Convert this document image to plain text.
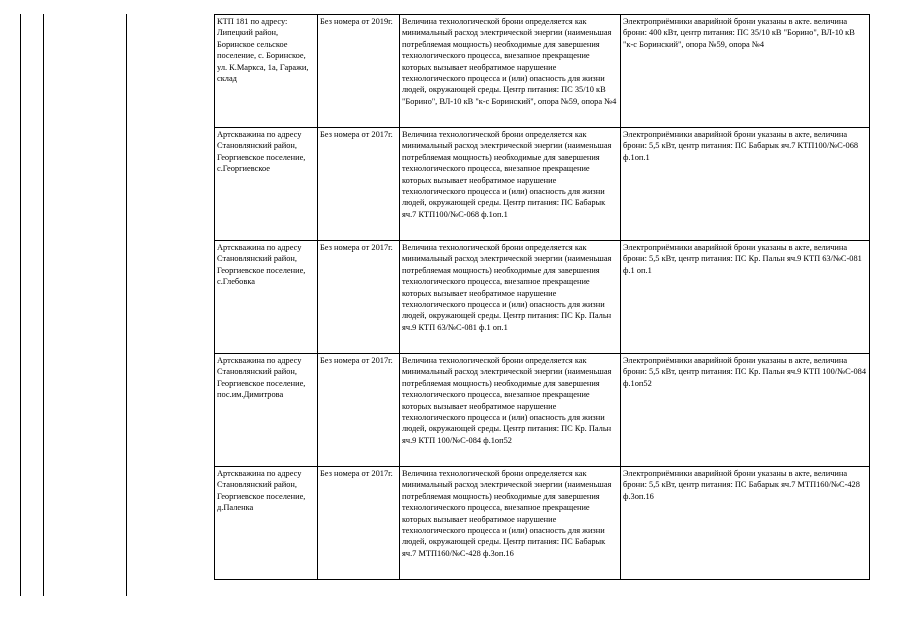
КТП 181 по адресу: Липецкий район, Боринское сельское поселение, с. Боринское, ул. К.Маркса, 1а, Гаражи, склад	Без номера от 2019г.	Величина технологической брони определяется как минимальный расход электрической энергии (наименьшая потребляемая мощность) необходимые для завершения технологического процесса, внезапное прекращение которых вызывает необратимое нарушение технологического процесса и (или) опасность для жизни людей, окружающей среды. Центр питания: ПС 35/10 кВ "Борино", ВЛ-10 кВ "к-с Боринский", опора №59, опора №4	Электроприёмники аварийной брони указаны в акте. величина брони: 400 кВт, центр питания: ПС 35/10 кВ "Борино", ВЛ-10 кВ "к-с Боринский", опора №59, опора №4
Артскважина по адресу Становлянский район, Георгиевское поселение, с.Георгиевское	Без номера от 2017г.	Величина технологической брони определяется как минимальный расход электрической энергии (наименьшая потребляемая мощность) необходимые для завершения технологического процесса, внезапное прекращение которых вызывает необратимое нарушение технологического процесса и (или) опасность для жизни людей, окружающей среды. Центр питания: ПС Бабарык яч.7 КТП100/№С-068 ф.1оп.1	Электроприёмники аварийной брони указаны в акте, величина брони: 5,5 кВт, центр питания: ПС Бабарык яч.7 КТП100/№С-068 ф.1оп.1
Артскважина по адресу Становлянский район, Георгиевское поселение, с.Глебовка	Без номера от 2017г.	Величина технологической брони определяется как минимальный расход электрической энергии (наименьшая потребляемая мощность) необходимые для завершения технологического процесса, внезапное прекращение которых вызывает необратимое нарушение технологического процесса и (или) опасность для жизни людей, окружающей среды. Центр питания: ПС Кр. Пальн яч.9 КТП 63/№С-081 ф.1 оп.1	Электроприёмники аварийной брони указаны в акте, величина брони: 5,5 кВт, центр питания: ПС Кр. Пальн яч.9 КТП 63/№С-081 ф.1 оп.1
Артскважина по адресу Становлянский район, Георгиевское поселение, пос.им.Димитрова	Без номера от 2017г.	Величина технологической брони определяется как минимальный расход электрической энергии (наименьшая потребляемая мощность) необходимые для завершения технологического процесса, внезапное прекращение которых вызывает необратимое нарушение технологического процесса и (или) опасность для жизни людей, окружающей среды. Центр питания: ПС Кр. Пальн яч.9 КТП 100/№С-084 ф.1оп52	Электроприёмники аварийной брони указаны в акте, величина брони: 5,5 кВт, центр питания: ПС Кр. Пальн яч.9 КТП 100/№С-084 ф.1оп52
Артскважина по адресу Становлянский район, Георгиевское поселение, д.Паленка	Без номера от 2017г.	Величина технологической брони определяется как минимальный расход электрической энергии (наименьшая потребляемая мощность) необходимые для завершения технологического процесса, внезапное прекращение которых вызывает необратимое нарушение технологического процесса и (или) опасность для жизни людей, окружающей среды. Центр питания: ПС Бабарык яч.7 МТП160/№С-428 ф.3оп.16	Электроприёмники аварийной брони указаны в акте, величина брони: 5,5 кВт, центр питания: ПС Бабарык яч.7 МТП160/№С-428 ф.3оп.16
